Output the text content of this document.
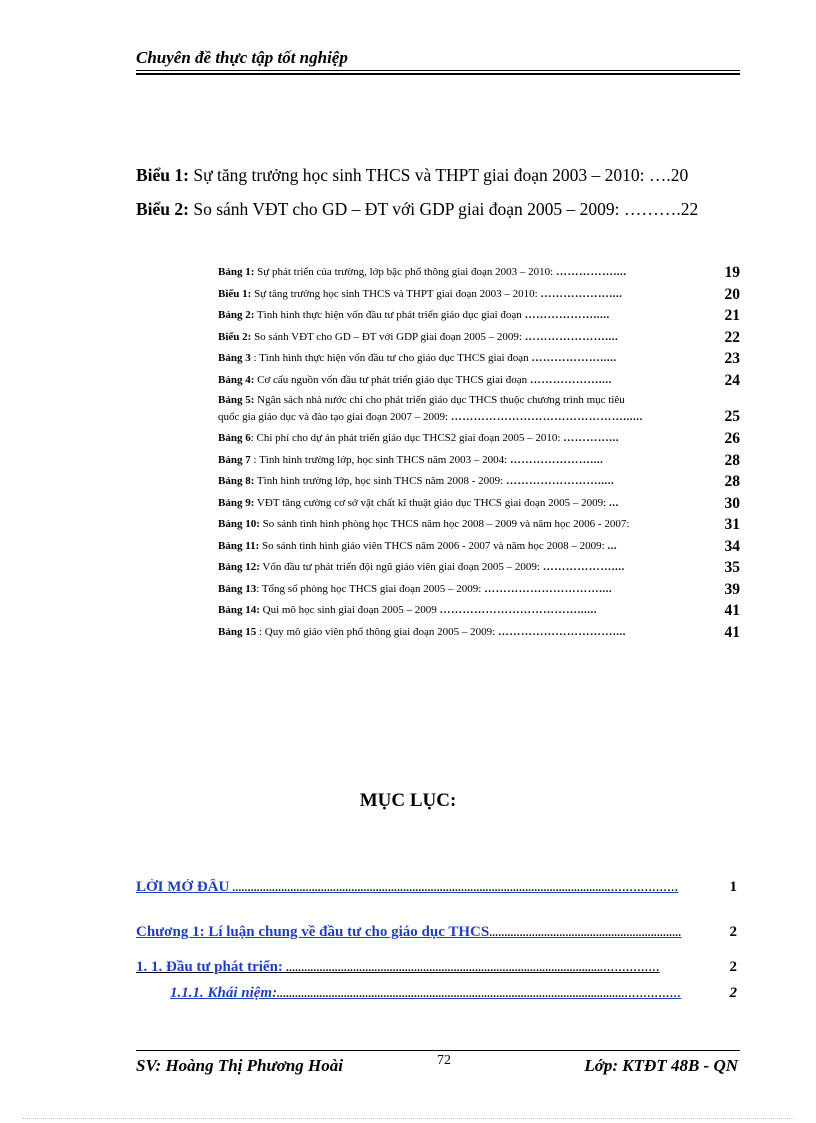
Chuyên đề thực tập tốt nghiệp
Biểu 1: Sự tăng trưởng học sinh THCS và THPT giai đoạn 2003 – 2010: ….20
Biểu 2: So sánh VĐT cho GD – ĐT với GDP giai đoạn 2005 – 2009: ……….22
Bảng 1: Sự phát triển của trường, lớp bậc phổ thông giai đoạn 2003 – 2010: ……………....	19
Biểu 1: Sự tăng trưởng học sinh THCS và THPT giai đoạn 2003 – 2010: ………………....	20
Bảng 2: Tình hình thực hiện vốn đầu tư phát triển giáo dục giai đoạn ……………….....	21
Biểu 2: So sánh VĐT cho GD – ĐT với GDP giai đoạn 2005 – 2009: …………………....	22
Bảng 3 : Tình hình thực hiện vốn đầu tư cho giáo dục THCS giai đoạn ……………….....	23
Bảng 4: Cơ cấu nguồn vốn đầu tư phát triển giáo dục THCS giai đoạn ………………....	24
Bảng 5: Ngân sách nhà nước chi cho phát triển giáo dục THCS thuộc chương trình mục tiêu
quốc gia giáo dục và đào tạo giai đoạn 2007 – 2009: ………………………………………......	25
Bảng 6: Chi phí cho dự án phát triển giáo dục THCS2 giai đoạn 2005 – 2010: …………...	26
Bảng 7 : Tình hình trường lớp, học sinh THCS năm 2003 – 2004: …………………....	28
Bảng 8: Tình hình trường lớp, học sinh THCS năm 2008 - 2009: …………………….....	28
Bảng 9: VĐT tăng cường cơ sở vật chất kĩ thuật giáo dục THCS giai đoạn 2005 – 2009: ...	30
Bảng 10: So sánh tình hình phòng học THCS năm học 2008 – 2009 và năm học 2006 - 2007:	31
Bảng 11: So sánh tình hình giáo viên THCS năm 2006 - 2007 và năm học 2008 – 2009: ...	34
Bảng 12: Vốn đầu tư phát triển đội ngũ giáo viên giai đoạn 2005 – 2009: ………………....	35
Bảng 13: Tổng số phòng học THCS giai đoạn 2005 – 2009: …………………………....	39
Bảng 14: Qui mô học sinh giai đoạn 2005 – 2009 ………………………………......	41
Bảng 15 : Quy mô giáo viên phổ thông giai đoạn 2005 – 2009: …………………………....	41
MỤC LỤC:
LỜI MỞ ĐẦU ............................................................................................................................………………	1
Chương 1: Lí luận chung về đầu tư cho giáo dục THCS...............................................................	2
1. 1. Đầu tư phát triển: ........................................................................................................……………	2
1.1.1. Khái niệm:..................................................................................................................……………	2
SV: Hoàng Thị Phương Hoài	72	Lớp: KTĐT 48B - QN
